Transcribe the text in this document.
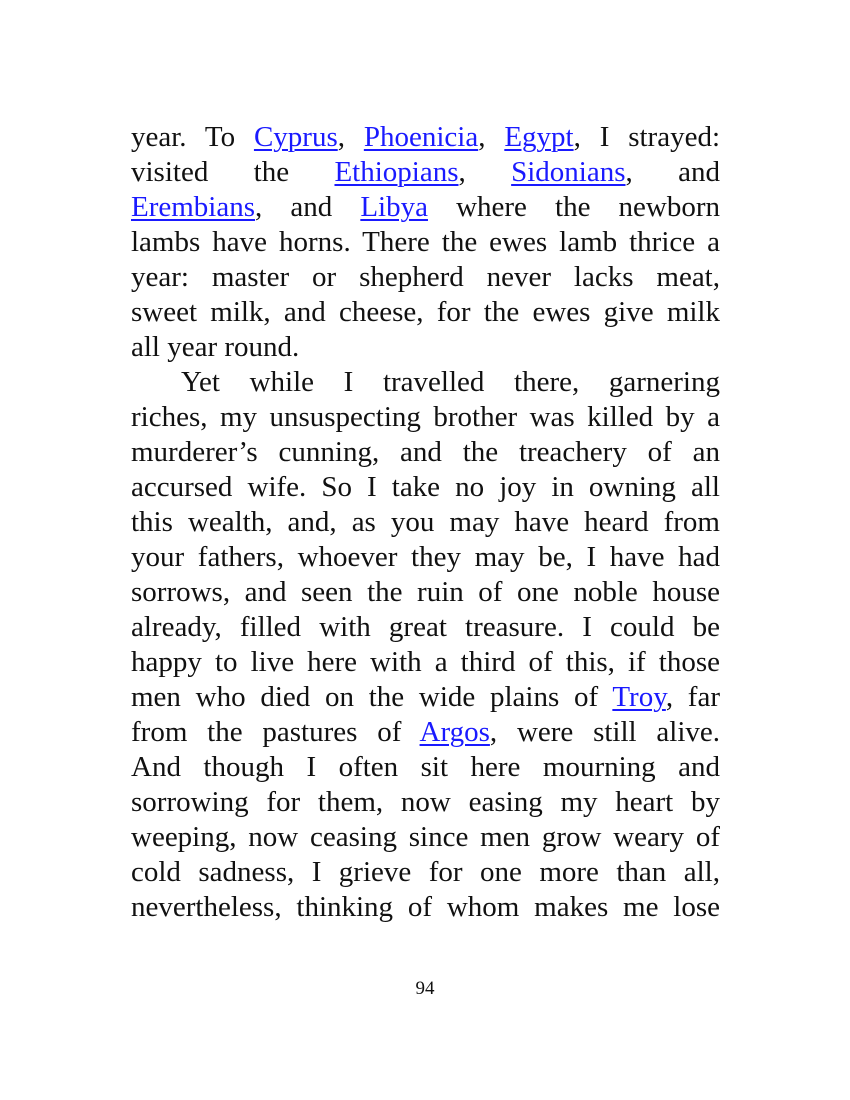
year. To Cyprus, Phoenicia, Egypt, I strayed:
visited the Ethiopians, Sidonians, and
Erembians, and Libya where the newborn
lambs have horns. There the ewes lamb thrice a
year: master or shepherd never lacks meat,
sweet milk, and cheese, for the ewes give milk
all year round.
Yet while I travelled there, garnering
riches, my unsuspecting brother was killed by a
murderer’s cunning, and the treachery of an
accursed wife. So I take no joy in owning all
this wealth, and, as you may have heard from
your fathers, whoever they may be, I have had
sorrows, and seen the ruin of one noble house
already, filled with great treasure. I could be
happy to live here with a third of this, if those
men who died on the wide plains of Troy, far
from the pastures of Argos, were still alive.
And though I often sit here mourning and
sorrowing for them, now easing my heart by
weeping, now ceasing since men grow weary of
cold sadness, I grieve for one more than all,
nevertheless, thinking of whom makes me lose
94
